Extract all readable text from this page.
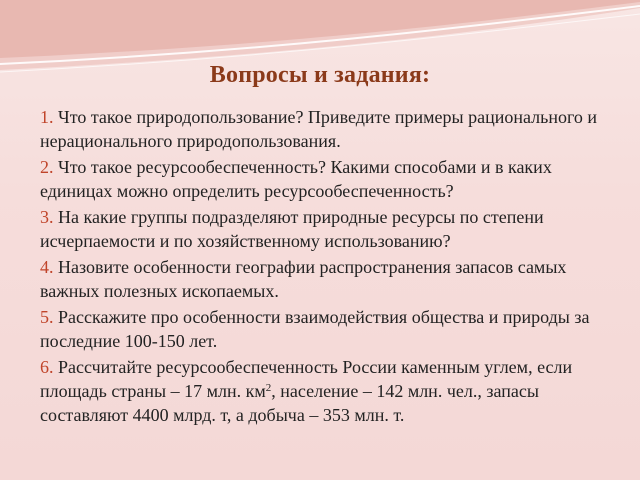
Вопросы и задания:
1. Что такое природопользование? Приведите примеры рационального и нерационального природопользования.
2. Что такое ресурсообеспеченность? Какими способами и в каких единицах можно определить ресурсообеспеченность?
3. На какие группы подразделяют природные ресурсы по степени исчерпаемости и по хозяйственному использованию?
4. Назовите особенности географии распространения запасов самых важных полезных ископаемых.
5. Расскажите про особенности взаимодействия общества и природы за последние 100-150 лет.
6. Рассчитайте ресурсообеспеченность России каменным углем, если площадь страны – 17 млн. $км^2$, население – 142 млн. чел., запасы составляют 4400 млрд. т, а добыча – 353 млн. т.
